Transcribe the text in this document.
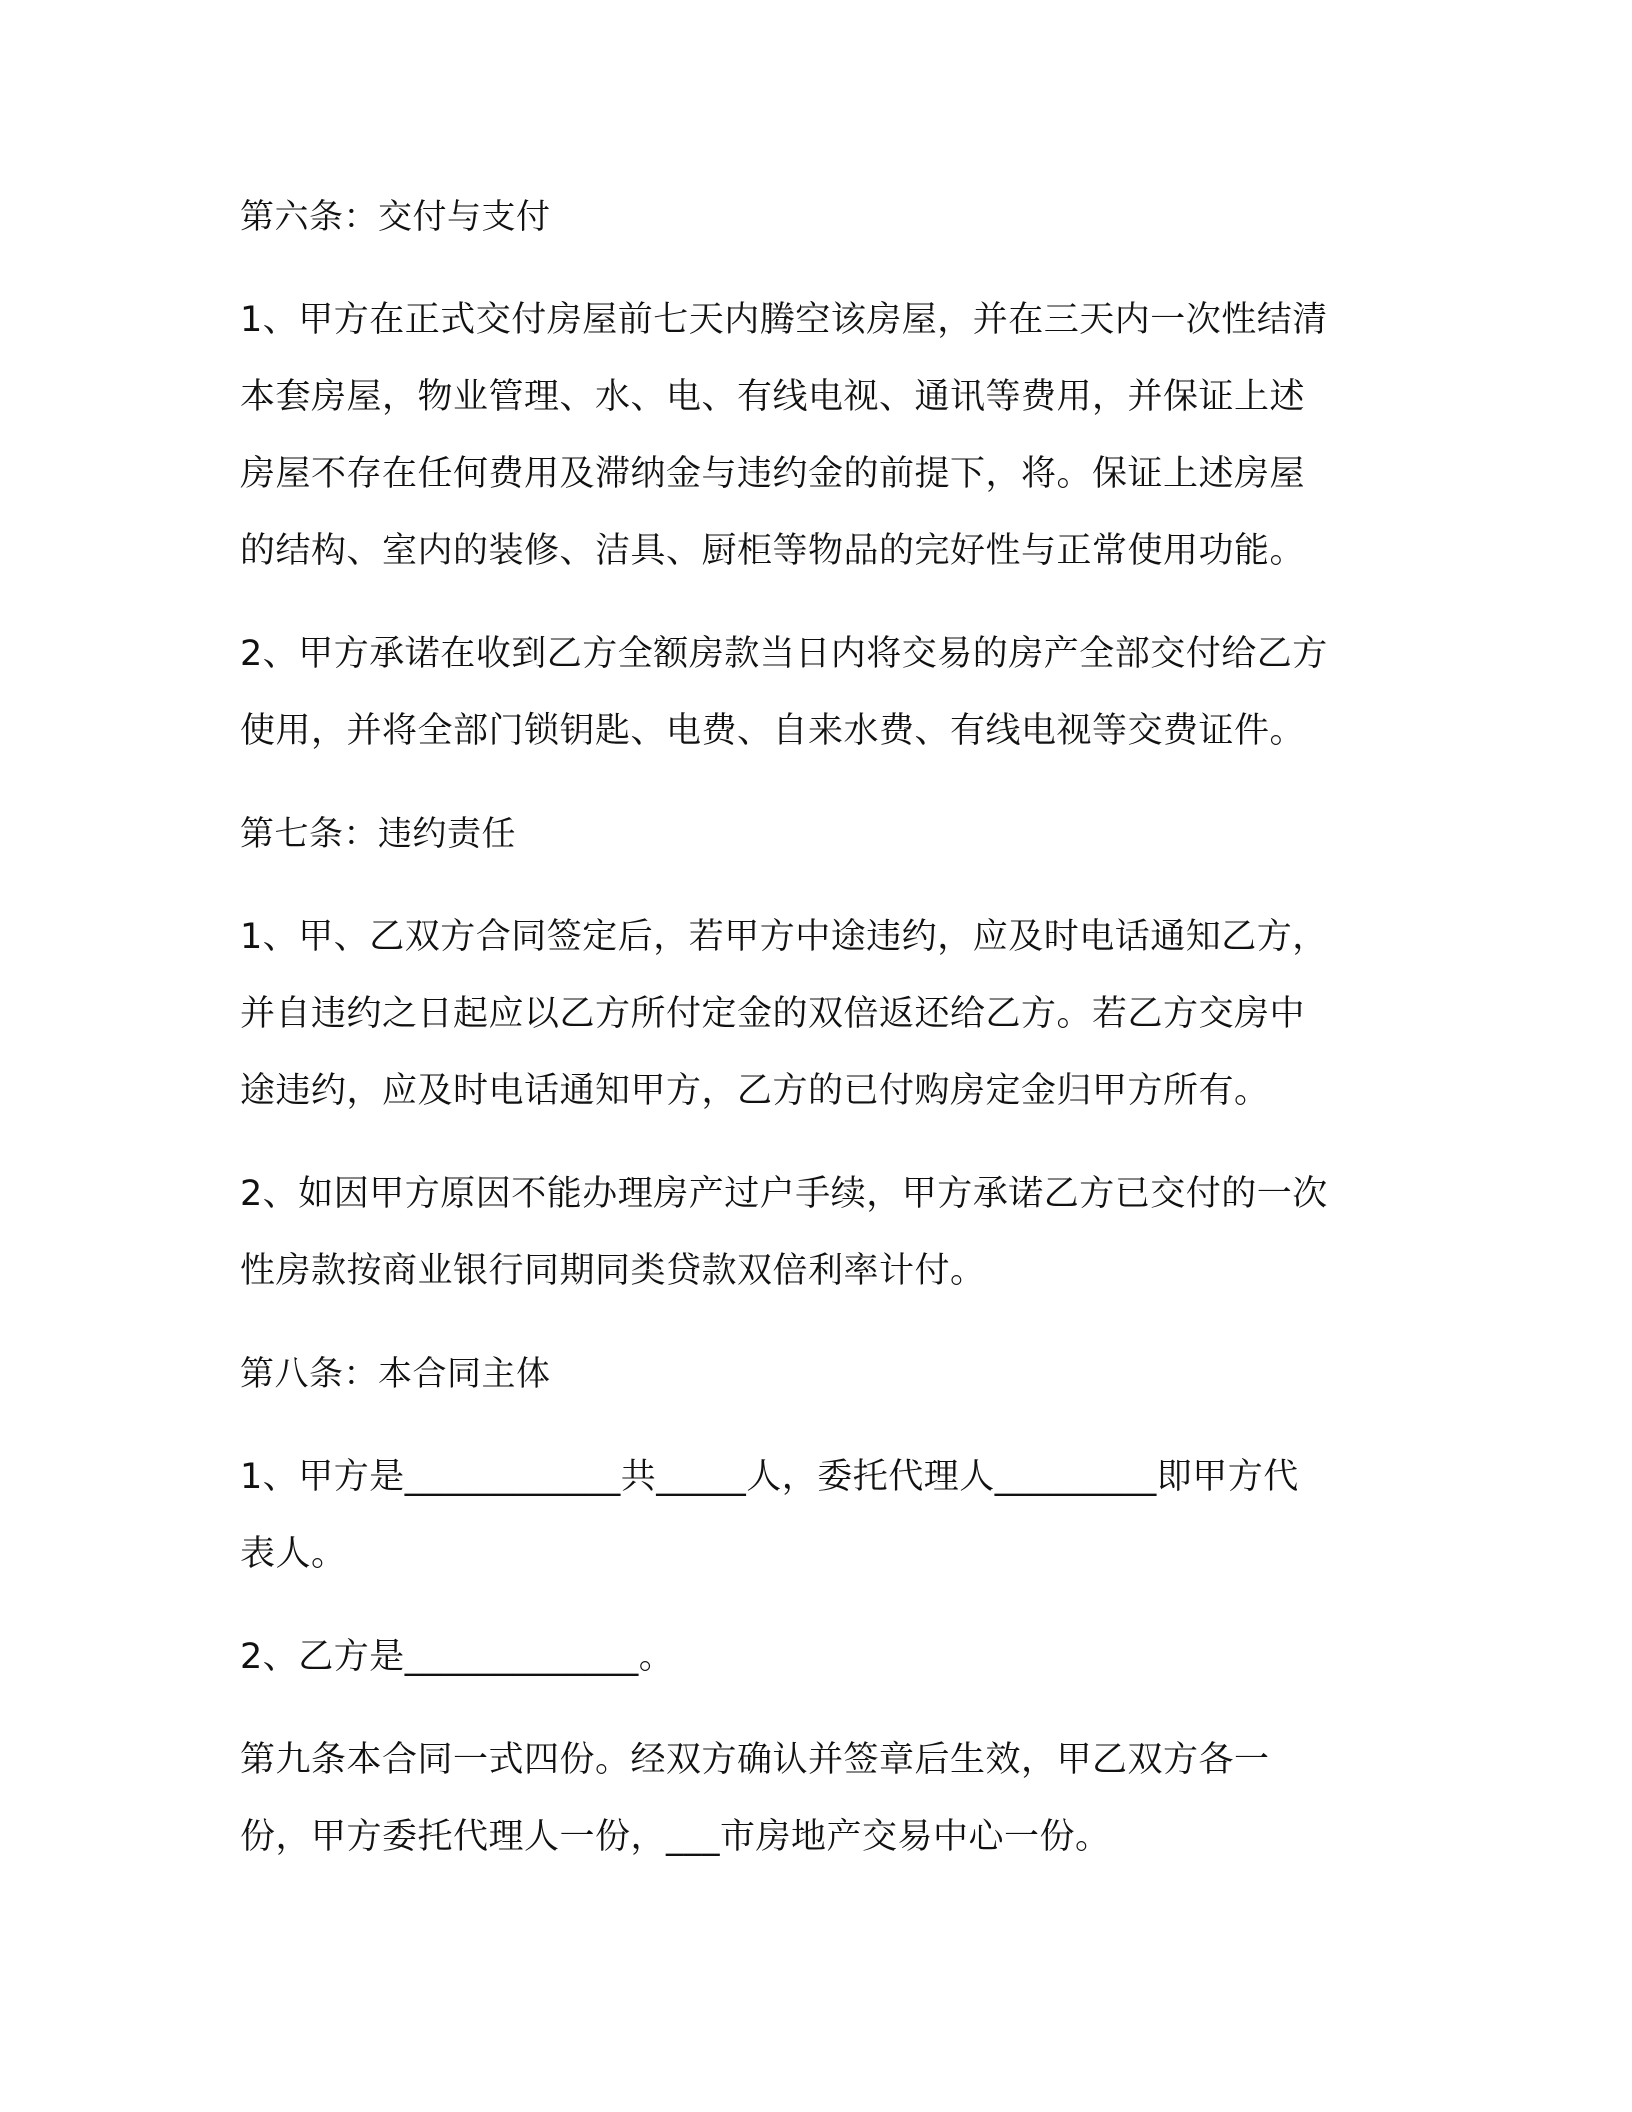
第六条：交付与支付
1、甲方在正式交付房屋前七天内腾空该房屋，并在三天内一次性结清
本套房屋，物业管理、水、电、有线电视、通讯等费用，并保证上述
房屋不存在任何费用及滞纳金与违约金的前提下，将。保证上述房屋
的结构、室内的装修、洁具、厨柜等物品的完好性与正常使用功能。
2、甲方承诺在收到乙方全额房款当日内将交易的房产全部交付给乙方
使用，并将全部门锁钥匙、电费、自来水费、有线电视等交费证件。
第七条：违约责任
1、甲、乙双方合同签定后，若甲方中途违约，应及时电话通知乙方，
并自违约之日起应以乙方所付定金的双倍返还给乙方。若乙方交房中
途违约，应及时电话通知甲方，乙方的已付购房定金归甲方所有。
2、如因甲方原因不能办理房产过户手续，甲方承诺乙方已交付的一次
性房款按商业银行同期同类贷款双倍利率计付。
第八条：本合同主体
1、甲方是____________共_____人，委托代理人_________即甲方代
表人。
2、乙方是_____________。
第九条本合同一式四份。经双方确认并签章后生效，甲乙双方各一
份，甲方委托代理人一份，___市房地产交易中心一份。
